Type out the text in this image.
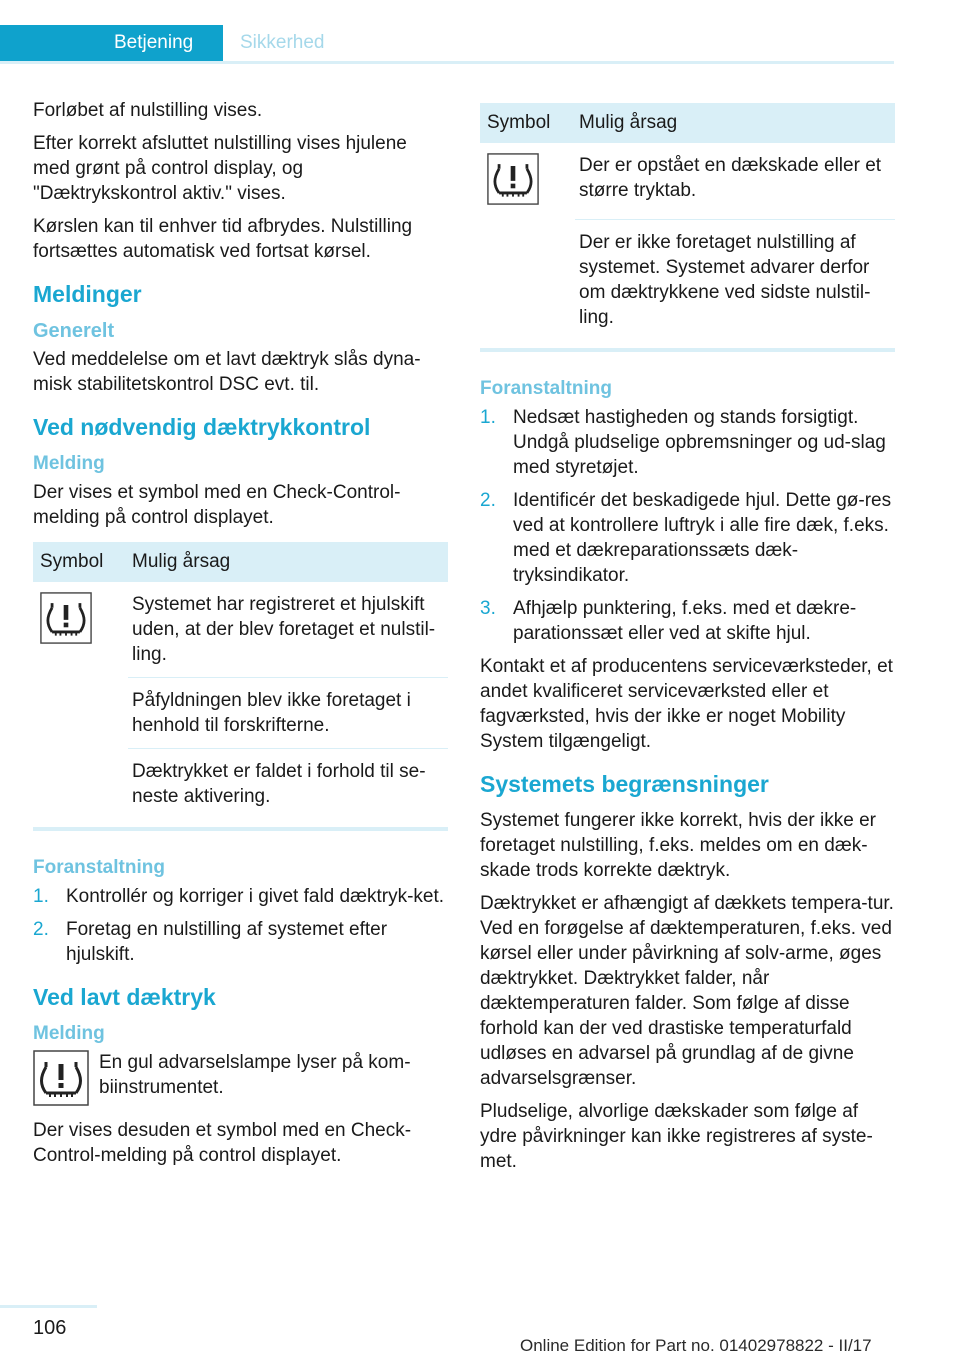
Betjening	Sikkerhed

Forløbet af nulstilling vises.

Efter korrekt afsluttet nulstilling vises hjulene med grønt på control display, og "Dæktrykskontrol aktiv." vises.

Kørslen kan til enhver tid afbrydes. Nulstilling fortsættes automatisk ved fortsat kørsel.

Meldinger
Generelt

Ved meddelelse om et lavt dæktryk slås dyna‐misk stabilitetskontrol DSC evt. til.

Ved nødvendig dæktrykkontrol
Melding

Der vises et symbol med en Check-Control-melding på control displayet.

Symbol	Mulig årsag

	Systemet har registreret et hjulskift uden, at der blev foretaget et nulstil‐ling.
	Påfyldningen blev ikke foretaget i henhold til forskrifterne.
	Dæktrykket er faldet i forhold til se‐neste aktivering.
Foranstaltning
1. Kontrollér og korriger i givet fald dæktryk‐ket.
2. Foretag en nulstilling af systemet efter hjulskift.
Ved lavt dæktryk
Melding

En gul advarselslampe lyser på kom‐biinstrumentet.

Der vises desuden et symbol med en Check-Control-melding på control displayet.

Symbol	Mulig årsag

	Der er opstået en dækskade eller et større tryktab.
	Der er ikke foretaget nulstilling af systemet. Systemet advarer derfor om dæktrykkene ved sidste nulstil‐ling.
Foranstaltning
1. Nedsæt hastigheden og stands forsigtigt. Undgå pludselige opbremsninger og ud‐slag med styretøjet.
2. Identificér det beskadigede hjul. Dette gø‐res ved at kontrollere luftryk i alle fire dæk, f.eks. med et dækreparationssæts dæk‐tryksindikator.
3. Afhjælp punktering, f.eks. med et dækre‐parationssæt eller ved at skifte hjul.

Kontakt et af producentens serviceværksteder, et andet kvalificeret serviceværksted eller et fagværksted, hvis der ikke er noget Mobility System tilgængeligt.

Systemets begrænsninger

Systemet fungerer ikke korrekt, hvis der ikke er foretaget nulstilling, f.eks. meldes om en dæk‐skade trods korrekte dæktryk.

Dæktrykket er afhængigt af dækkets tempera‐tur. Ved en forøgelse af dæktemperaturen, f.eks. ved kørsel eller under påvirkning af solv‐arme, øges dæktrykket. Dæktrykket falder, når dæktemperaturen falder. Som følge af disse forhold kan der ved drastiske temperaturfald udløses en advarsel på grundlag af de givne advarselsgrænser.

Pludselige, alvorlige dækskader som følge af ydre påvirkninger kan ikke registreres af syste‐met.

106
Online Edition for Part no. 01402978822 - II/17
